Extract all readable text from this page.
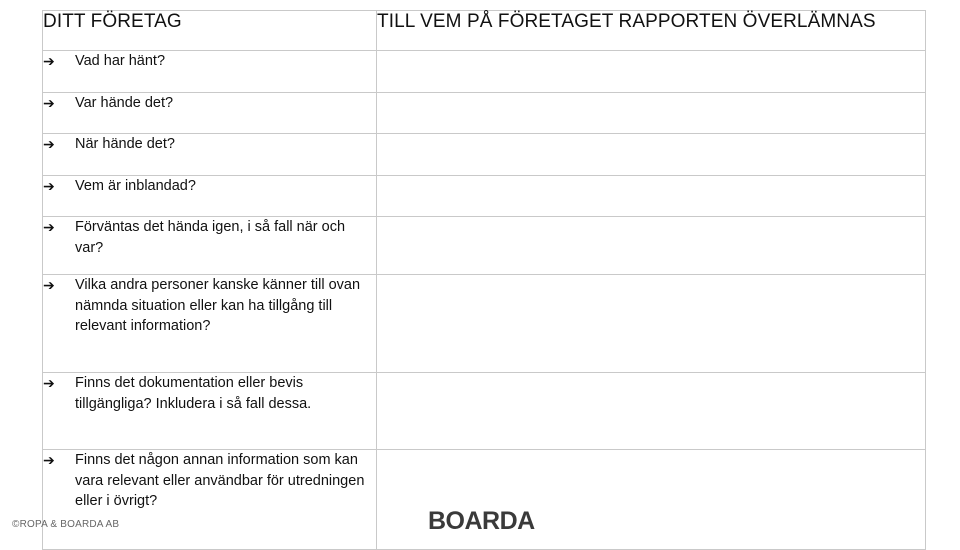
DITT FÖRETAG	TILL VEM PÅ FÖRETAGET RAPPORTEN ÖVERLÄMNAS

➔ Vad har hänt?	

➔ Var hände det?	

➔ När hände det?	

➔ Vem är inblandad?	

➔ Förväntas det hända igen, i så fall när och var?	

➔ Vilka andra personer kanske känner till ovan nämnda situation eller kan ha tillgång till relevant information?	

➔ Finns det dokumentation eller bevis tillgängliga? Inkludera i så fall dessa.	

➔ Finns det någon annan information som kan vara relevant eller användbar för utredningen eller i övrigt?	

©ROPA & BOARDA AB	BOARDA
